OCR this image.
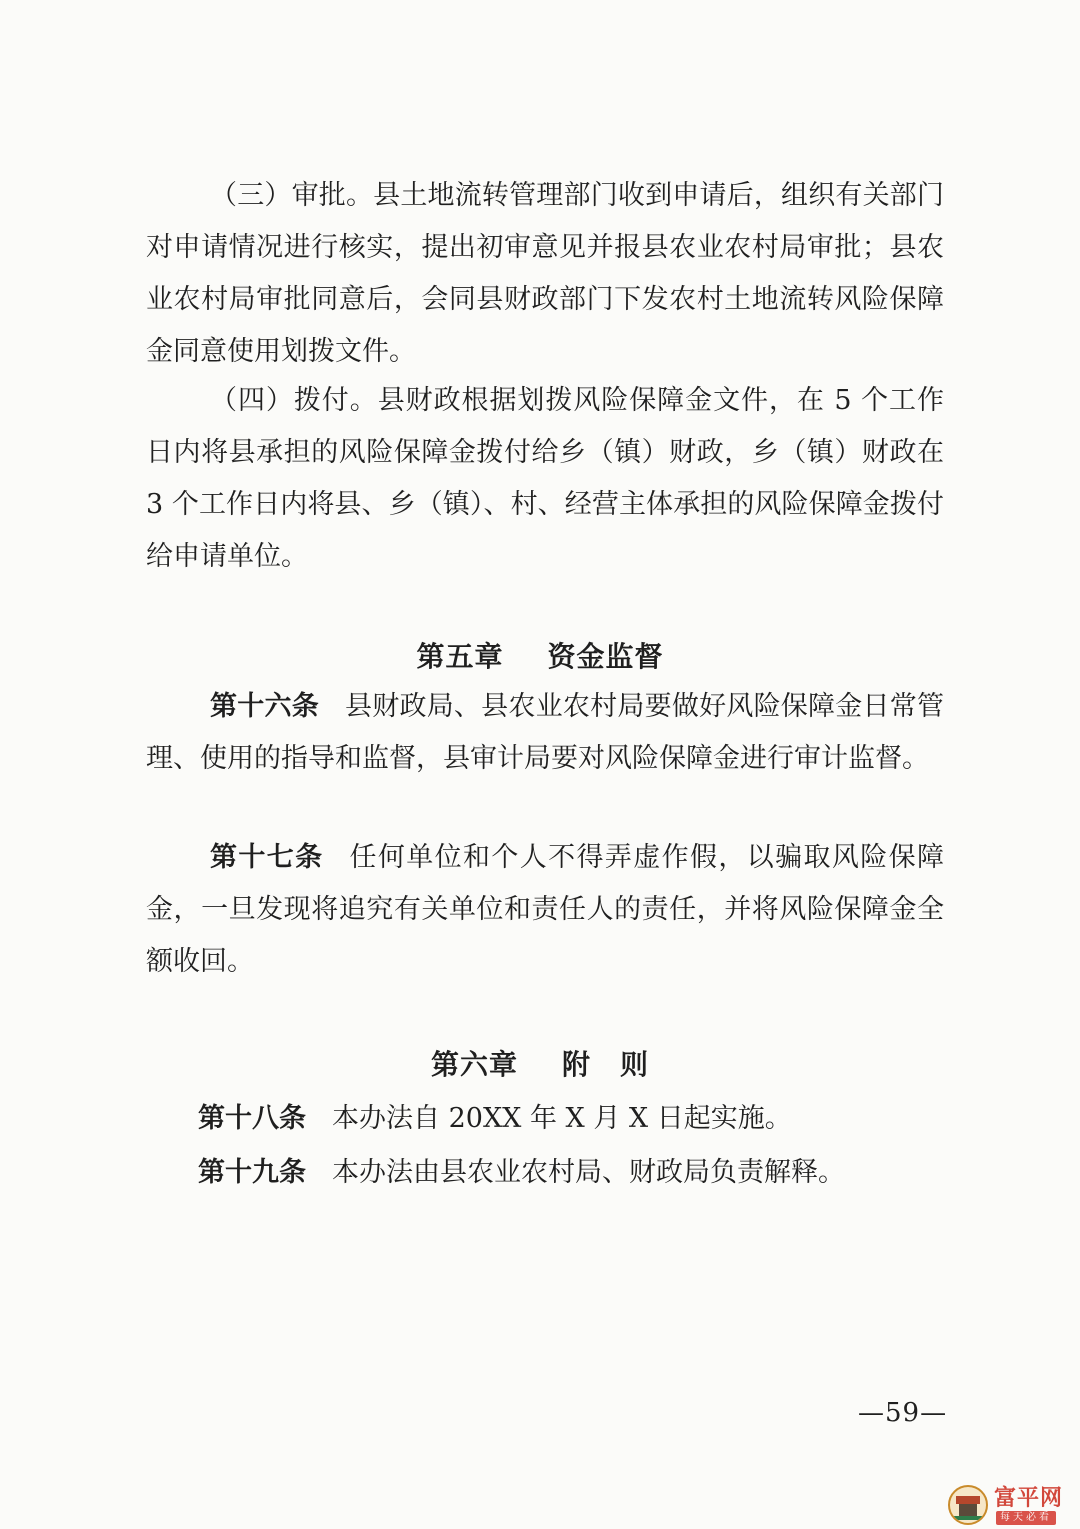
（三）审批。县土地流转管理部门收到申请后，组织有关部门对申请情况进行核实，提出初审意见并报县农业农村局审批；县农业农村局审批同意后，会同县财政部门下发农村土地流转风险保障金同意使用划拨文件。

（四）拨付。县财政根据划拨风险保障金文件，在 5 个工作日内将县承担的风险保障金拨付给乡（镇）财政，乡（镇）财政在 3 个工作日内将县、乡（镇）、村、经营主体承担的风险保障金拨付给申请单位。

第五章 资金监督

第十六条 县财政局、县农业农村局要做好风险保障金日常管理、使用的指导和监督，县审计局要对风险保障金进行审计监督。

第十七条 任何单位和个人不得弄虚作假，以骗取风险保障金，一旦发现将追究有关单位和责任人的责任，并将风险保障金全额收回。

第六章 附　则

第十八条 本办法自 20XX 年 X 月 X 日起实施。

第十九条 本办法由县农业农村局、财政局负责解释。

—59—
富平网
每天必看
